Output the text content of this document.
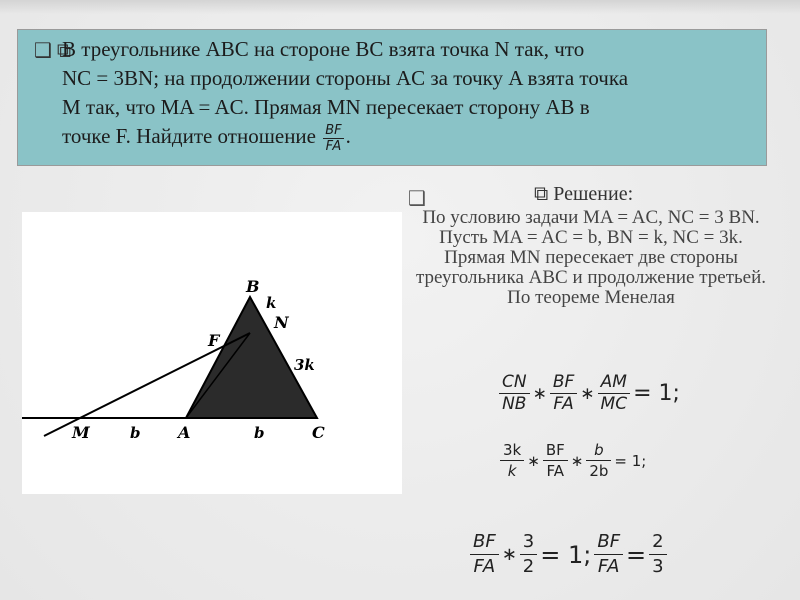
❑ ⧉
В треугольнике ABC на стороне BC взята точка N так, что
NC = 3BN; на продолжении стороны AC за точку A взята точка
M так, что MA = AC. Прямая MN пересекает сторону AB в
точке F. Найдите отношение $\frac{BF}{FA}$ .
B
k
N
F
3k
M	b A	b	C
❑	⧉ Решение:
По условию задачи MA = AC, NC = 3 BN. Пусть MA = AC = b, BN = k, NC = 3k. Прямая MN пересекает две стороны треугольника ABC и продолжение третьей. По теореме Менелая
$\frac{CN}{NB}$ ∗ $\frac{BF}{FA}$ ∗ $\frac{AM}{MC} = 1$;
$\frac{3k}{k}$ ∗ $\frac{BF}{FA}$ ∗ $\frac{b}{2b} = 1$;
$\frac{BF}{FA}$ ∗ $\frac{3}{2} = 1$; $\frac{BF}{FA} = \frac{2}{3}$
